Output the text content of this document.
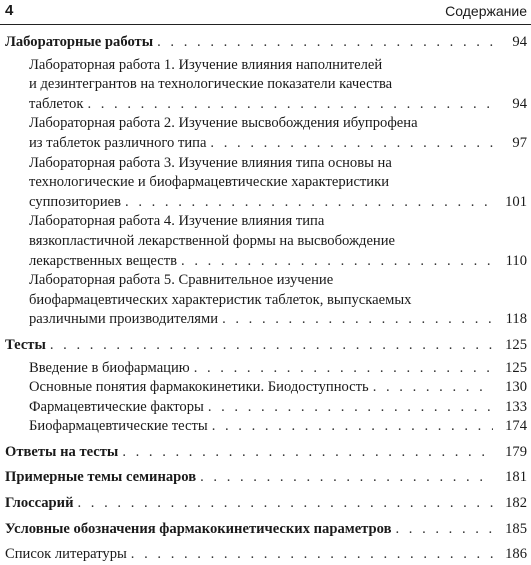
4	Содержание
Лабораторные работы . . .	94
Лабораторная работа 1. Изучение влияния наполнителей
и дезинтегрантов на технологические показатели качества
таблеток . . .	94
Лабораторная работа 2. Изучение высвобождения ибупрофена
из таблеток различного типа . . .	97
Лабораторная работа 3. Изучение влияния типа основы на
технологические и биофармацевтические характеристики
суппозиториев . . .	101
Лабораторная работа 4. Изучение влияния типа
вязкопластичной лекарственной формы на высвобождение
лекарственных веществ . . .	110
Лабораторная работа 5. Сравнительное изучение
биофармацевтических характеристик таблеток, выпускаемых
различными производителями . . .	118
Тесты . . .	125
Введение в биофармацию . . .	125
Основные понятия фармакокинетики. Биодоступность . . .	130
Фармацевтические факторы . . .	133
Биофармацевтические тесты . . .	174
Ответы на тесты . . .	179
Примерные темы семинаров . . .	181
Глоссарий . . .	182
Условные обозначения фармакокинетических параметров . . .	185
Список литературы . . .	186
